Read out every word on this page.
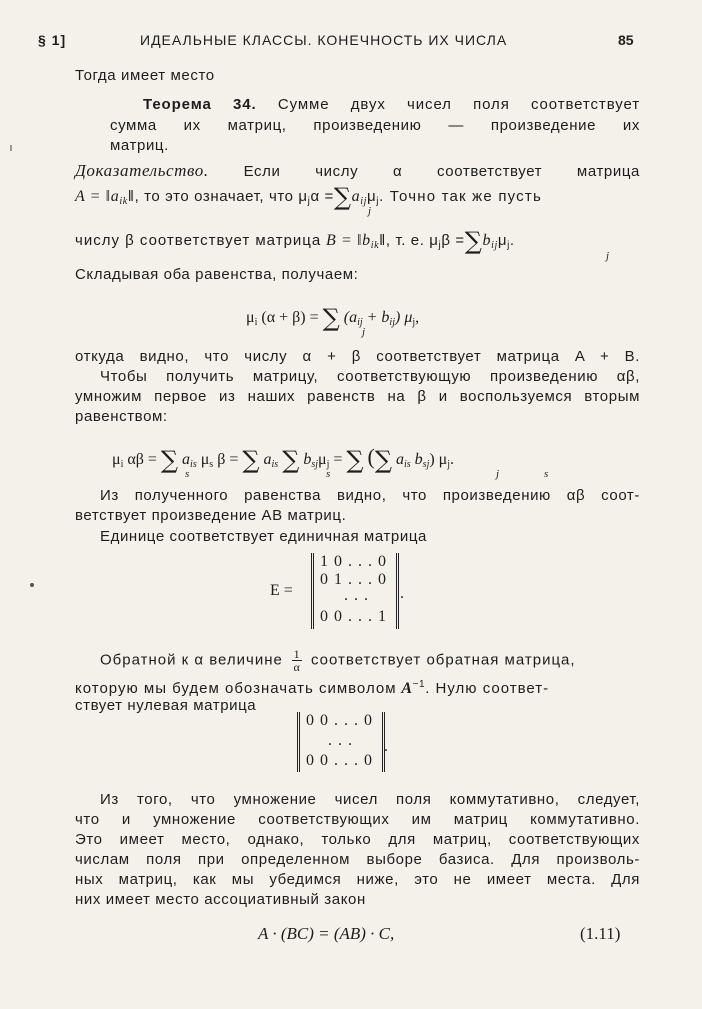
§ 1]	ИДЕАЛЬНЫЕ КЛАССЫ. КОНЕЧНОСТЬ ИХ ЧИСЛА	85
Тогда имеет место
Теорема 34. Сумме двух чисел поля соответствует
сумма их матриц, произведению — произведение их
матриц.
Доказательство. Если числу α соответствует матрица
$A = ‖a_{ik}‖$, то это означает, что $\mu_j\alpha =\sum a_{ij}\mu_j$. Точно так же пусть
j
числу β соответствует матрица $B = ‖b_{ik}‖$, т. е. $\mu_j\beta =\sum b_{ij}\mu_j$.
j
Складывая оба равенства, получаем:
$\mu_i$ (α + β) = ∑ $(a_{ij} + b_{ij})$ $\mu_j$,
j
откуда видно, что числу α + β соответствует матрица A + B.
Чтобы получить матрицу, соответствующую произведению αβ,
умножим первое из наших равенств на β и воспользуемся вторым
равенством:
$\mu_i$ αβ = ∑ $a_{is}$ $\mu_s$ β = ∑ $a_{is}$ ∑ $b_{sj}\mu_j$ = ∑ (∑ $a_{is}$ $b_{sj}$) $\mu_j$.
s	s	j	s
Из полученного равенства видно, что произведению αβ соот-
ветствует произведение AB матриц.
Единице соответствует единичная матрица
E =
1 0 . . . 0
0 1 . . . 0
. . .
0 0 . . . 1
.
Обратной к α величине $\frac{1}{\alpha}$ соответствует обратная матрица,
которую мы будем обозначать символом $A^{-1}$. Нулю соответ-
ствует нулевая матрица
0 0 . . . 0
. . .
0 0 . . . 0
.
Из того, что умножение чисел поля коммутативно, следует,
что и умножение соответствующих им матриц коммутативно.
Это имеет место, однако, только для матриц, соответствующих
числам поля при определенном выборе базиса. Для произволь-
ных матриц, как мы убедимся ниже, это не имеет места. Для
них имеет место ассоциативный закон
A · (BC) = (AB) · C,	(1.11)
